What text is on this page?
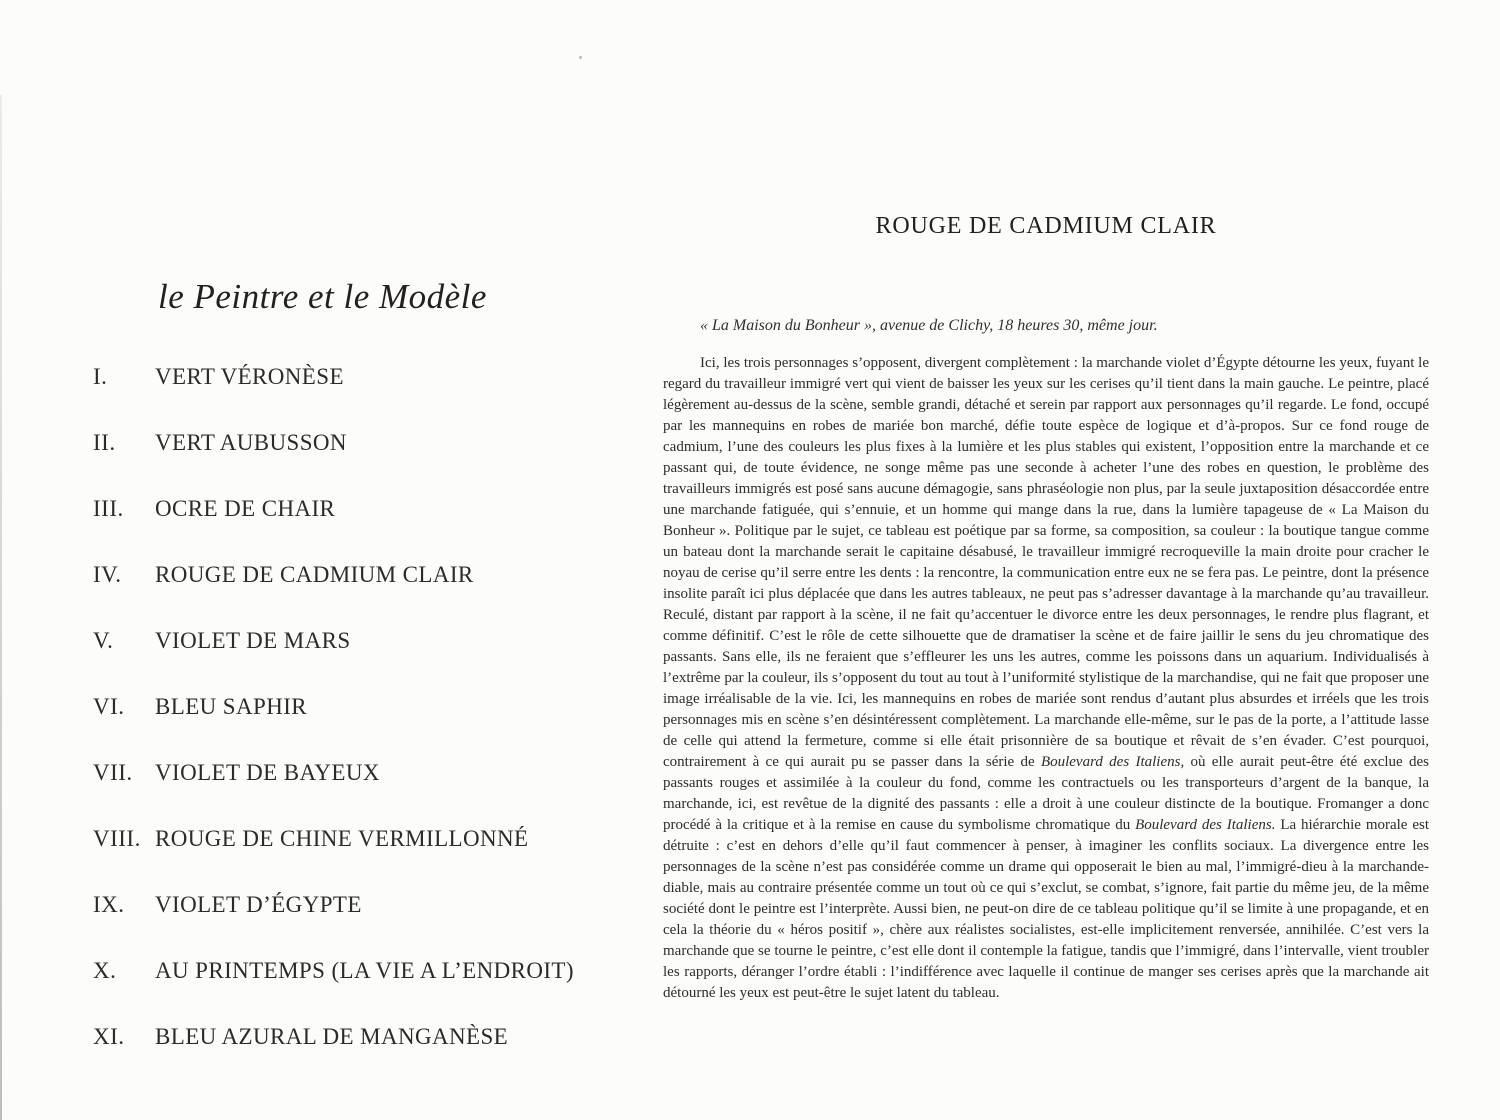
le Peintre et le Modèle
I.	VERT VÉRONÈSE
II.	VERT AUBUSSON
III.	OCRE DE CHAIR
IV.	ROUGE DE CADMIUM CLAIR
V.	VIOLET DE MARS
VI.	BLEU SAPHIR
VII. VIOLET DE BAYEUX
VIII. ROUGE DE CHINE VERMILLONNÉ
IX.	VIOLET D’ÉGYPTE
X.	AU PRINTEMPS (LA VIE A L’ENDROIT)
XI.	BLEU AZURAL DE MANGANÈSE
ROUGE DE CADMIUM CLAIR

« La Maison du Bonheur », avenue de Clichy, 18 heures 30, même jour.

Ici, les trois personnages s’opposent, divergent complètement : la marchande violet d’Égypte détourne les yeux, fuyant le regard du travailleur immigré vert qui vient de baisser les yeux sur les cerises qu’il tient dans la main gauche. Le peintre, placé légèrement au-dessus de la scène, semble grandi, détaché et serein par rapport aux personnages qu’il regarde. Le fond, occupé par les mannequins en robes de mariée bon marché, défie toute espèce de logique et d’à-propos. Sur ce fond rouge de cadmium, l’une des couleurs les plus fixes à la lumière et les plus stables qui existent, l’opposition entre la marchande et ce passant qui, de toute évidence, ne songe même pas une seconde à acheter l’une des robes en question, le problème des travailleurs immigrés est posé sans aucune démagogie, sans phraséologie non plus, par la seule juxtaposition désaccordée entre une marchande fatiguée, qui s’ennuie, et un homme qui mange dans la rue, dans la lumière tapageuse de « La Maison du Bonheur ». Politique par le sujet, ce tableau est poétique par sa forme, sa composition, sa couleur : la boutique tangue comme un bateau dont la marchande serait le capitaine désabusé, le travailleur immigré recroqueville la main droite pour cracher le noyau de cerise qu’il serre entre les dents : la rencontre, la communication entre eux ne se fera pas. Le peintre, dont la présence insolite paraît ici plus déplacée que dans les autres tableaux, ne peut pas s’adresser davantage à la marchande qu’au travailleur. Reculé, distant par rapport à la scène, il ne fait qu’accentuer le divorce entre les deux personnages, le rendre plus flagrant, et comme définitif. C’est le rôle de cette silhouette que de dramatiser la scène et de faire jaillir le sens du jeu chromatique des passants. Sans elle, ils ne feraient que s’effleurer les uns les autres, comme les poissons dans un aquarium. Individualisés à l’extrême par la couleur, ils s’opposent du tout au tout à l’uniformité stylistique de la marchandise, qui ne fait que proposer une image irréalisable de la vie. Ici, les mannequins en robes de mariée sont rendus d’autant plus absurdes et irréels que les trois personnages mis en scène s’en désintéressent complètement. La marchande elle-même, sur le pas de la porte, a l’attitude lasse de celle qui attend la fermeture, comme si elle était prisonnière de sa boutique et rêvait de s’en évader. C’est pourquoi, contrairement à ce qui aurait pu se passer dans la série de Boulevard des Italiens, où elle aurait peut-être été exclue des passants rouges et assimilée à la couleur du fond, comme les contractuels ou les transporteurs d’argent de la banque, la marchande, ici, est revêtue de la dignité des passants : elle a droit à une couleur distincte de la boutique. Fromanger a donc procédé à la critique et à la remise en cause du symbolisme chromatique du Boulevard des Italiens. La hiérarchie morale est détruite : c’est en dehors d’elle qu’il faut commencer à penser, à imaginer les conflits sociaux. La divergence entre les personnages de la scène n’est pas considérée comme un drame qui opposerait le bien au mal, l’immigré-dieu à la marchande-diable, mais au contraire présentée comme un tout où ce qui s’exclut, se combat, s’ignore, fait partie du même jeu, de la même société dont le peintre est l’interprète. Aussi bien, ne peut-on dire de ce tableau politique qu’il se limite à une propagande, et en cela la théorie du « héros positif », chère aux réalistes socialistes, est-elle implicitement renversée, annihilée. C’est vers la marchande que se tourne le peintre, c’est elle dont il contemple la fatigue, tandis que l’immigré, dans l’intervalle, vient troubler les rapports, déranger l’ordre établi : l’indifférence avec laquelle il continue de manger ses cerises après que la marchande ait détourné les yeux est peut-être le sujet latent du tableau.
